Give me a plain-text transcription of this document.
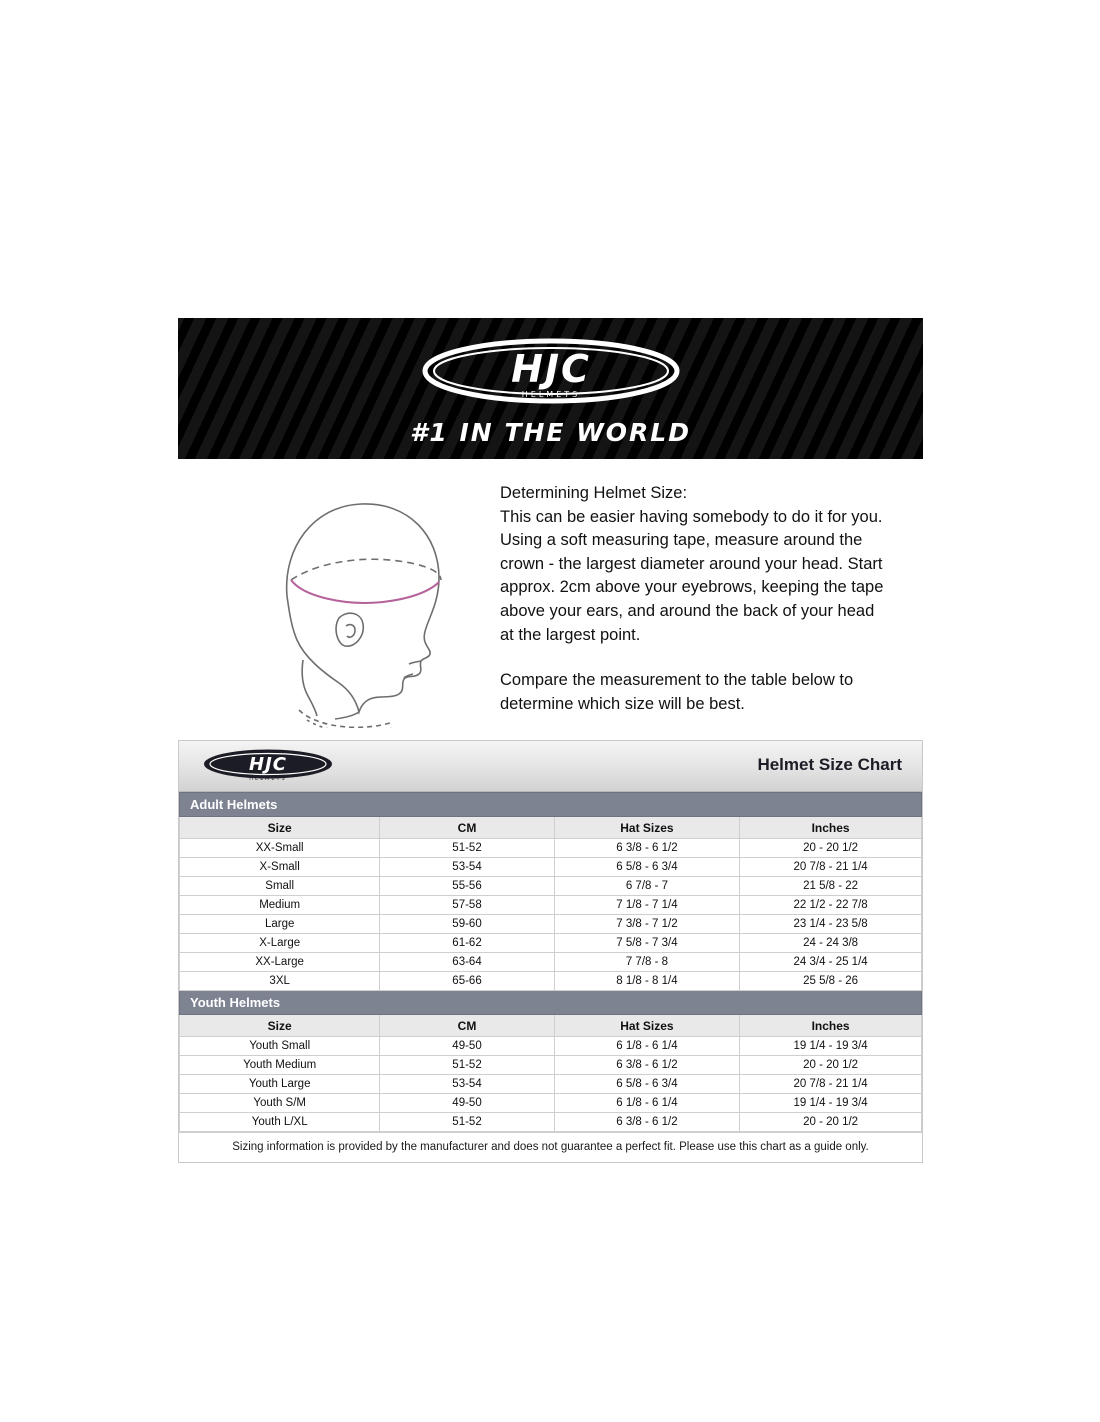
HJC
HELMETS
#1 IN THE WORLD

Determining Helmet Size:

This can be easier having somebody to do it for you.

Using a soft measuring tape, measure around the crown - the largest diameter around your head. Start approx. 2cm above your eyebrows, keeping the tape above your ears, and around the back of your head at the largest point.

Compare the measurement to the table below to determine which size will be best.

HJC
HELMETS
Helmet Size Chart
Adult Helmets			
Size	CM	Hat Sizes	Inches
XX-Small	51-52	6 3/8 - 6 1/2	20 - 20 1/2
X-Small	53-54	6 5/8 - 6 3/4	20 7/8 - 21 1/4
Small	55-56	6 7/8 - 7	21 5/8 - 22
Medium	57-58	7 1/8 - 7 1/4	22 1/2 - 22 7/8
Large	59-60	7 3/8 - 7 1/2	23 1/4 - 23 5/8
X-Large	61-62	7 5/8 - 7 3/4	24 - 24 3/8
XX-Large	63-64	7 7/8 - 8	24 3/4 - 25 1/4
3XL	65-66	8 1/8 - 8 1/4	25 5/8 - 26
Youth Helmets			
Size	CM	Hat Sizes	Inches
Youth Small	49-50	6 1/8 - 6 1/4	19 1/4 - 19 3/4
Youth Medium	51-52	6 3/8 - 6 1/2	20 - 20 1/2
Youth Large	53-54	6 5/8 - 6 3/4	20 7/8 - 21 1/4
Youth S/M	49-50	6 1/8 - 6 1/4	19 1/4 - 19 3/4
Youth L/XL	51-52	6 3/8 - 6 1/2	20 - 20 1/2
Sizing information is provided by the manufacturer and does not guarantee a perfect fit. Please use this chart as a guide only.
